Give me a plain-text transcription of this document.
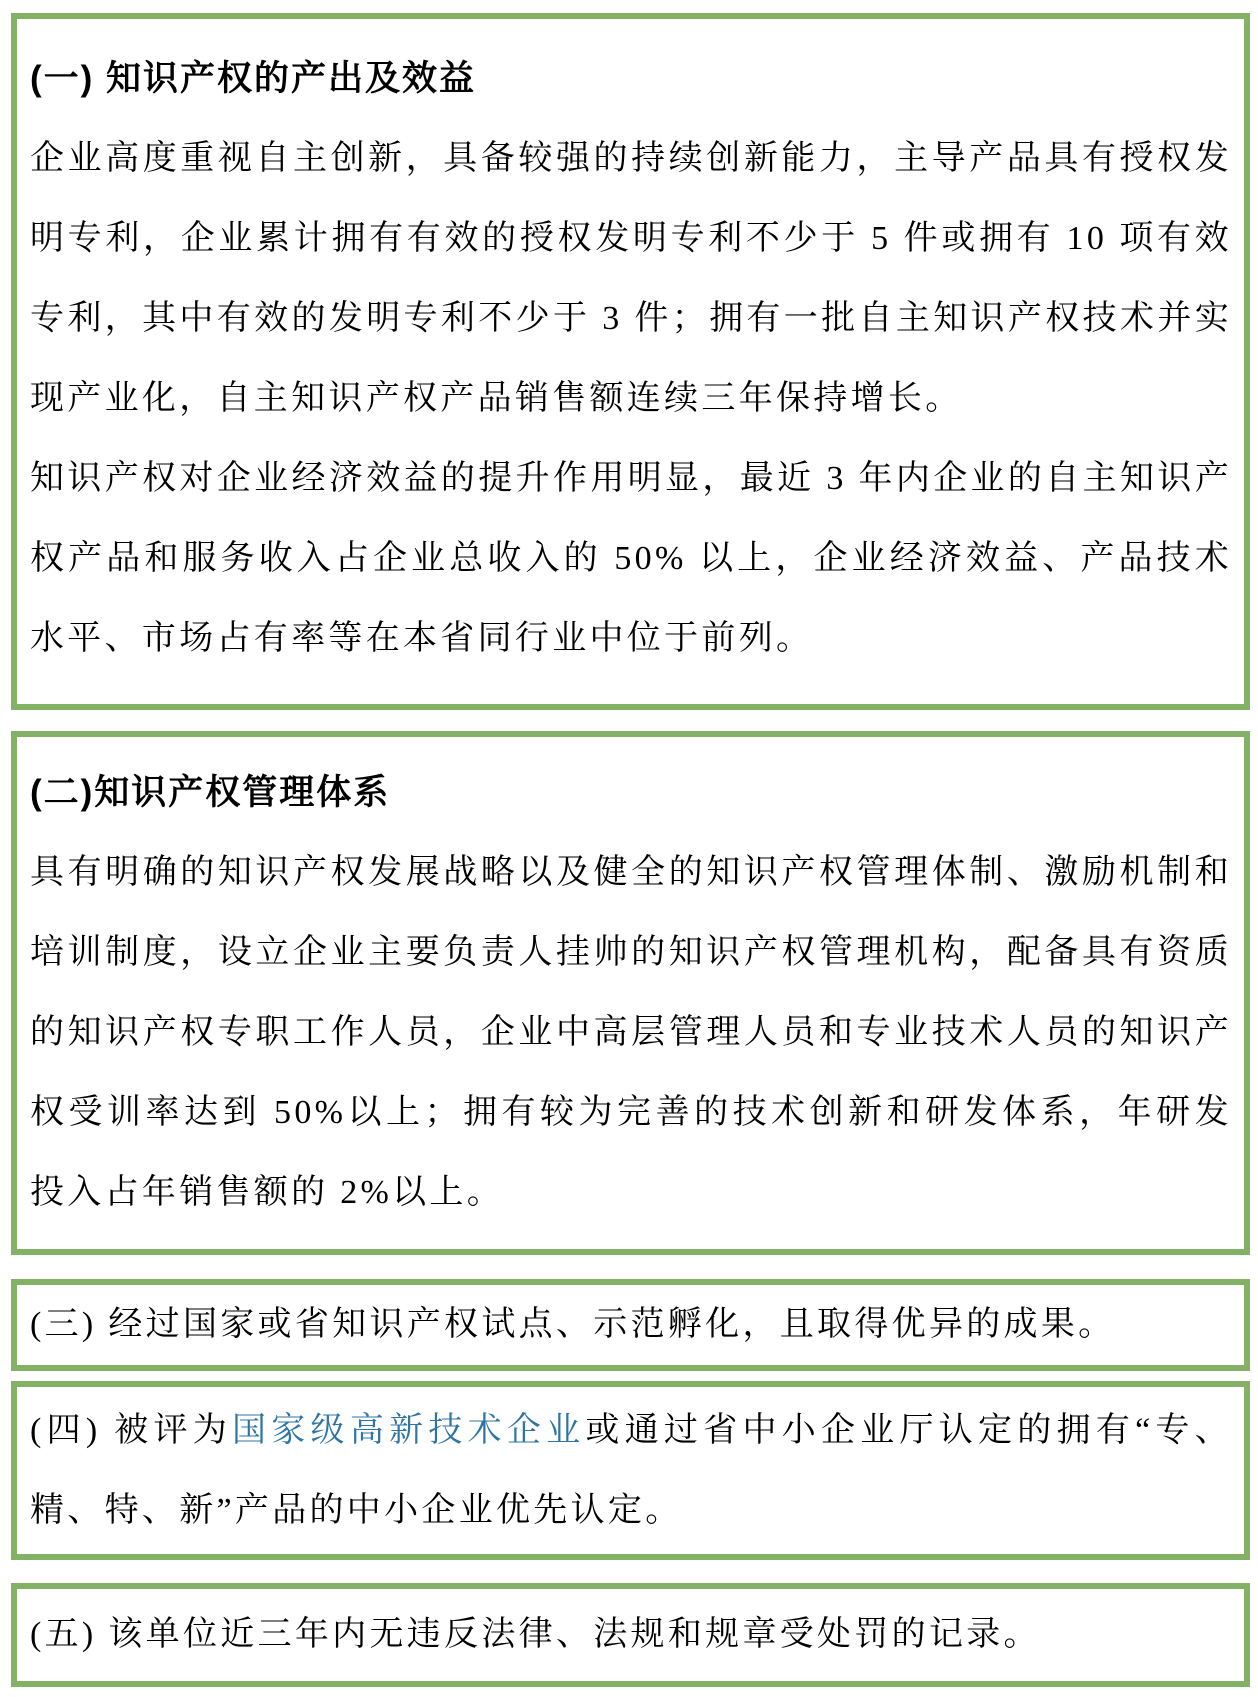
(一) 知识产权的产出及效益

企业高度重视自主创新，具备较强的持续创新能力，主导产品具有授权发明专利，企业累计拥有有效的授权发明专利不少于 5 件或拥有 10 项有效专利，其中有效的发明专利不少于 3 件；拥有一批自主知识产权技术并实现产业化，自主知识产权产品销售额连续三年保持增长。

知识产权对企业经济效益的提升作用明显，最近 3 年内企业的自主知识产权产品和服务收入占企业总收入的 50% 以上，企业经济效益、产品技术水平、市场占有率等在本省同行业中位于前列。

(二)知识产权管理体系

具有明确的知识产权发展战略以及健全的知识产权管理体制、激励机制和培训制度，设立企业主要负责人挂帅的知识产权管理机构，配备具有资质的知识产权专职工作人员，企业中高层管理人员和专业技术人员的知识产权受训率达到 50%以上；拥有较为完善的技术创新和研发体系，年研发投入占年销售额的 2%以上。

(三) 经过国家或省知识产权试点、示范孵化，且取得优异的成果。

(四) 被评为国家级高新技术企业或通过省中小企业厅认定的拥有“专、精、特、新”产品的中小企业优先认定。

(五) 该单位近三年内无违反法律、法规和规章受处罚的记录。
